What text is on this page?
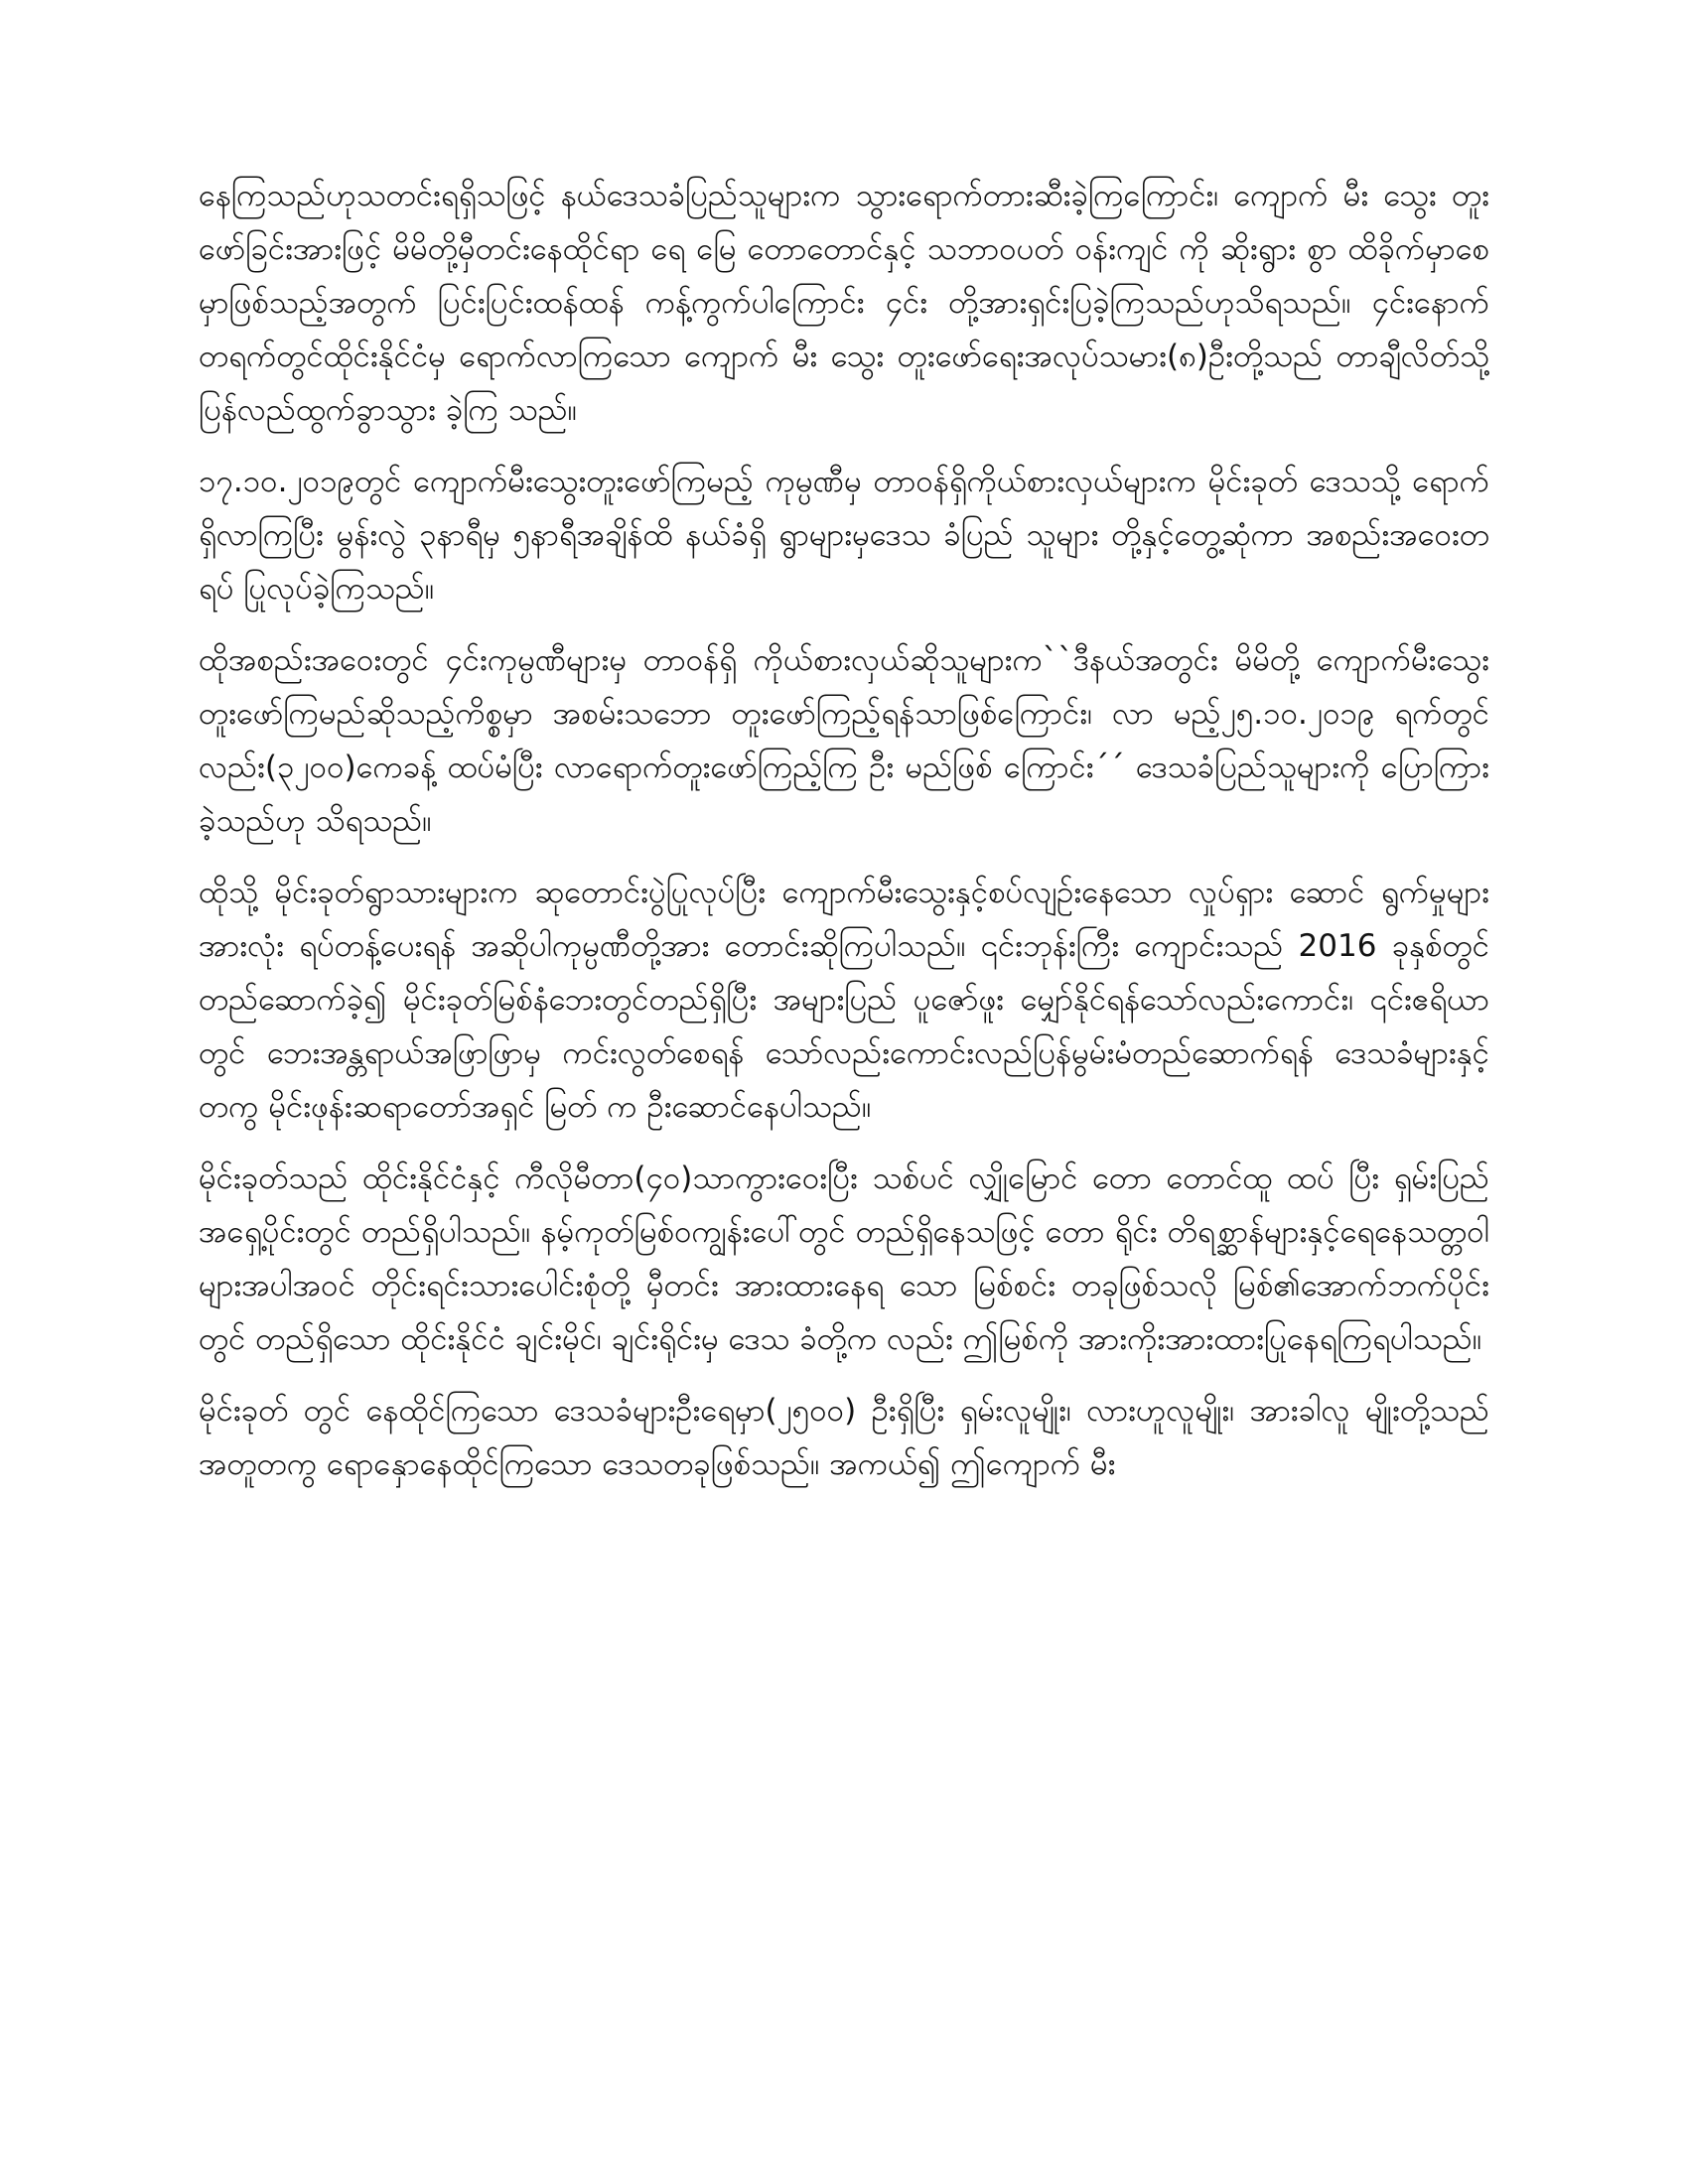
နေကြသည်ဟုသတင်းရရှိသဖြင့် နယ်ဒေသခံပြည်သူများက သွားရောက်တားဆီးခဲ့ကြကြောင်း၊ ကျောက် မီး သွေး တူးဖော်ခြင်းအားဖြင့် မိမိတို့မှီတင်းနေထိုင်ရာ ရေ မြေ တောတောင်နှင့် သဘာဝပတ် ဝန်းကျင် ကို ဆိုးရွား စွာ ထိခိုက်မှာစေမှာဖြစ်သည့်အတွက် ပြင်းပြင်းထန်ထန် ကန့်ကွက်ပါကြောင်း ၄င်း တို့အားရှင်းပြခဲ့ကြသည်ဟုသိရသည်။ ၄င်းနောက်တရက်တွင်ထိုင်းနိုင်ငံမှ ရောက်လာကြသော ကျောက် မီး သွေး တူးဖော်ရေးအလုပ်သမား(၈)ဦးတို့သည် တာချီလိတ်သို့ ပြန်လည်ထွက်ခွာသွား ခဲ့ကြ သည်။

၁၇.၁၀.၂၀၁၉တွင် ကျောက်မီးသွေးတူးဖော်ကြမည့် ကုမ္ပဏီမှ တာဝန်ရှိကိုယ်စားလှယ်များက မိုင်းခုတ် ဒေသသို့ ရောက်ရှိလာကြပြီး မွန်းလွဲ ၃နာရီမှ ၅နာရီအချိန်ထိ နယ်ခံရှိ ရွာများမှဒေသ ခံပြည် သူများ တို့နှင့်တွေ့ဆုံကာ အစည်းအဝေးတရပ် ပြုလုပ်ခဲ့ကြသည်။

ထိုအစည်းအဝေးတွင် ၄င်းကုမ္ပဏီများမှ တာဝန်ရှိ ကိုယ်စားလှယ်ဆိုသူများက``ဒီနယ်အတွင်း မိမိတို့ ကျောက်မီးသွေးတူးဖော်ကြမည်ဆိုသည့်ကိစ္စမှာ အစမ်းသဘော တူးဖော်ကြည့်ရန်သာဖြစ်ကြောင်း၊ လာ မည့်၂၅.၁၀.၂၀၁၉ ရက်တွင်လည်း(၃၂၀၀)ကေခန့် ထပ်မံပြီး လာရောက်တူးဖော်ကြည့်ကြ ဦး မည်ဖြစ် ကြောင်း´´ ဒေသခံပြည်သူများကို ပြောကြားခဲ့သည်ဟု သိရသည်။

ထိုသို့ မိုင်းခုတ်ရွာသားများက ဆုတောင်းပွဲပြုလုပ်ပြီး ကျောက်မီးသွေးနှင့်စပ်လျဉ်းနေသော လှုပ်ရှား ဆောင် ရွက်မှုများအားလုံး ရပ်တန့်ပေးရန် အဆိုပါကုမ္ပဏီတို့အား တောင်းဆိုကြပါသည်။ ၎င်းဘုန်းကြီး ကျောင်းသည် 2016 ခုနှစ်တွင် တည်ဆောက်ခဲ့၍ မိုင်းခုတ်မြစ်နံဘေးတွင်တည်ရှိပြီး အများပြည် ပူဇော်ဖူး မျှော်နိုင်ရန်သော်လည်းကောင်း၊ ၎င်းဧရိယာတွင် ဘေးအန္တရာယ်အဖြာဖြာမှ ကင်းလွတ်စေရန် သော်လည်းကောင်းလည်ပြန်မွမ်းမံတည်ဆောက်ရန် ဒေသခံများနှင့်တကွ မိုင်းဖုန်းဆရာတော်အရှင် မြတ် က ဦးဆောင်နေပါသည်။

မိုင်းခုတ်သည် ထိုင်းနိုင်ငံနှင့် ကီလိုမီတာ(၄၀)သာကွားဝေးပြီး သစ်ပင် လျှိုမြောင် တော တောင်ထူ ထပ် ပြီး ရှမ်းပြည်အရှေ့ပိုင်းတွင် တည်ရှိပါသည်။ နမ့်ကုတ်မြစ်ဝကျွန်းပေါ်တွင် တည်ရှိနေသဖြင့် တော ရိုင်း တိရစ္ဆာန်များနှင့်ရေနေသတ္တဝါများအပါအဝင် တိုင်းရင်းသားပေါင်းစုံတို့ မှီတင်း အားထားနေရ သော မြစ်စင်း တခုဖြစ်သလို မြစ်၏အောက်ဘက်ပိုင်းတွင် တည်ရှိသော ထိုင်းနိုင်ငံ ချင်းမိုင်၊ ချင်းရိုင်းမှ ဒေသ ခံတို့က လည်း ဤမြစ်ကို အားကိုးအားထားပြုနေရကြရပါသည်။

မိုင်းခုတ် တွင် နေထိုင်ကြသော ဒေသခံများဦးရေမှာ(၂၅၀၀) ဦးရှိပြီး ရှမ်းလူမျိုး၊ လားဟူလူမျိုး၊ အားခါလူ မျိုးတို့သည် အတူတကွ ရောနှောနေထိုင်ကြသော ဒေသတခုဖြစ်သည်။ အကယ်၍ ဤကျောက် မီး
